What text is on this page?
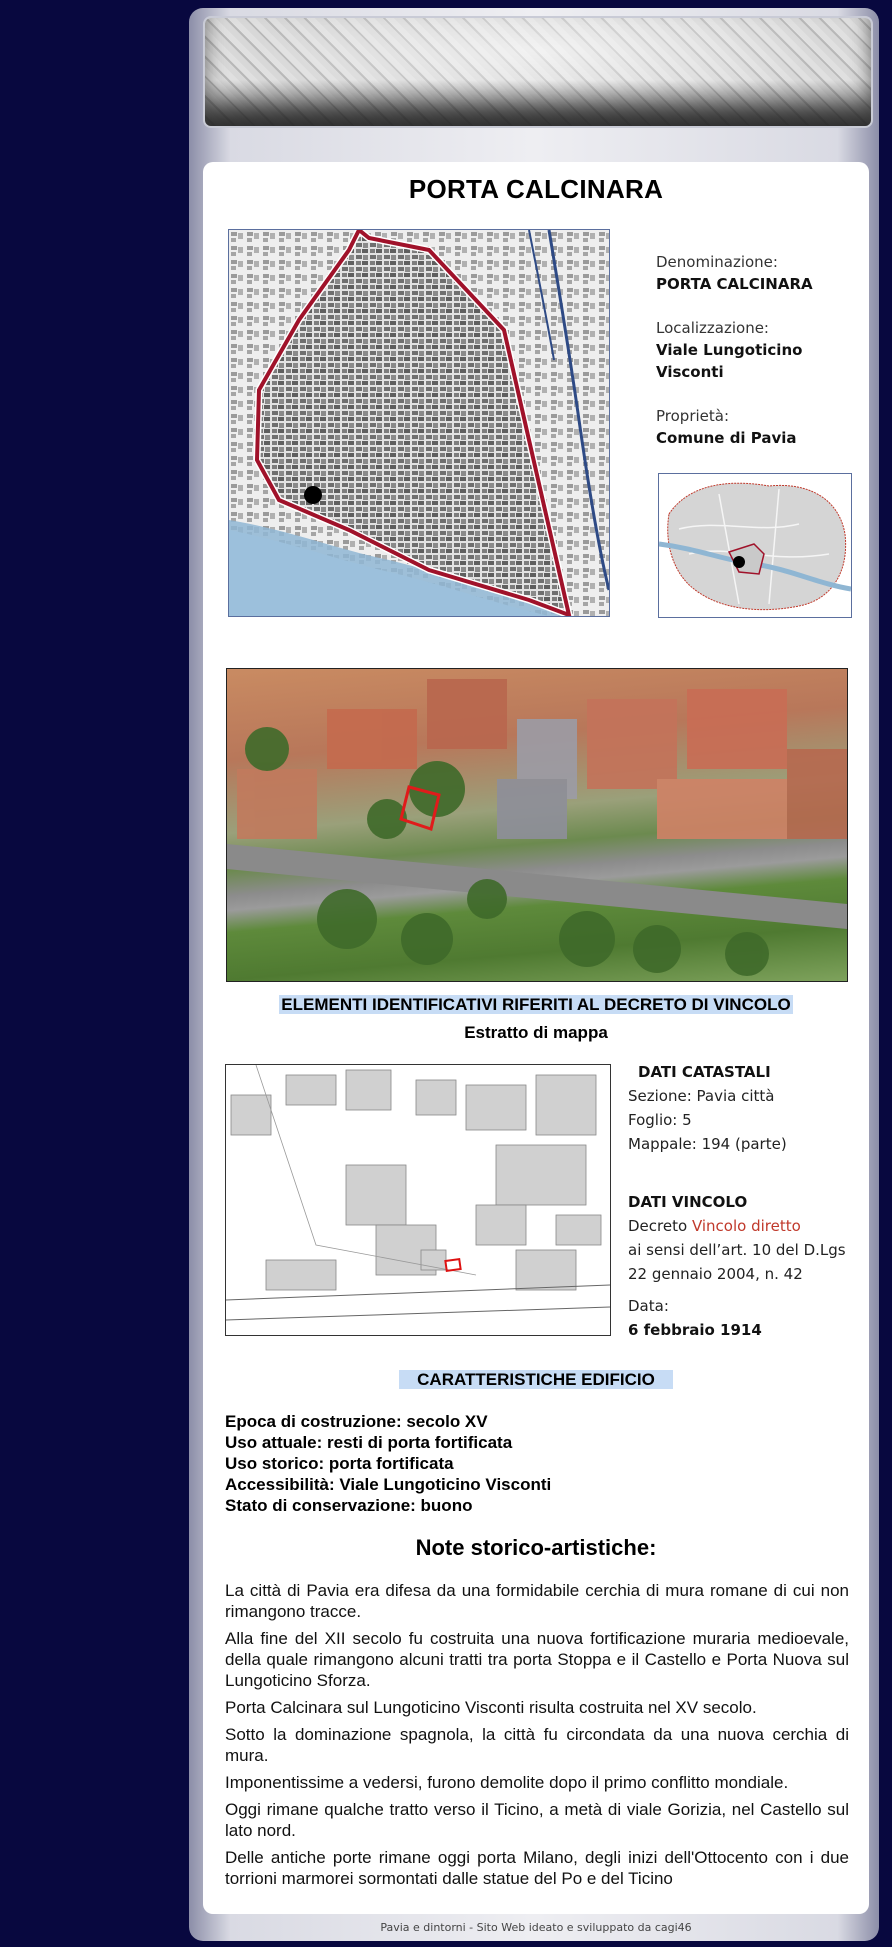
PORTA CALCINARA
Denominazione:
PORTA CALCINARA
Localizzazione:
Viale Lungoticino
Visconti
Proprietà:
Comune di Pavia
ELEMENTI IDENTIFICATIVI RIFERITI AL DECRETO DI VINCOLO
Estratto di mappa
DATI CATASTALI
Sezione: Pavia città
Foglio: 5
Mappale: 194 (parte)
DATI VINCOLO
Decreto Vincolo diretto
ai sensi dell’art. 10 del D.Lgs
22 gennaio 2004, n. 42
Data:
6 febbraio 1914
CARATTERISTICHE EDIFICIO
Epoca di costruzione: secolo XV
Uso attuale: resti di porta fortificata
Uso storico: porta fortificata
Accessibilità: Viale Lungoticino Visconti
Stato di conservazione: buono
Note storico-artistiche:

La città di Pavia era difesa da una formidabile cerchia di mura romane di cui non rimangono tracce.

Alla fine del XII secolo fu costruita una nuova fortificazione muraria medioevale, della quale rimangono alcuni tratti tra porta Stoppa e il Castello e Porta Nuova sul Lungoticino Sforza.

Porta Calcinara sul Lungoticino Visconti risulta costruita nel XV secolo.

Sotto la dominazione spagnola, la città fu circondata da una nuova cerchia di mura.

Imponentissime a vedersi, furono demolite dopo il primo conflitto mondiale.

Oggi rimane qualche tratto verso il Ticino, a metà di viale Gorizia, nel Castello sul lato nord.

Delle antiche porte rimane oggi porta Milano, degli inizi dell'Ottocento con i due torrioni marmorei sormontati dalle statue del Po e del Ticino

Pavia e dintorni - Sito Web ideato e sviluppato da cagi46
